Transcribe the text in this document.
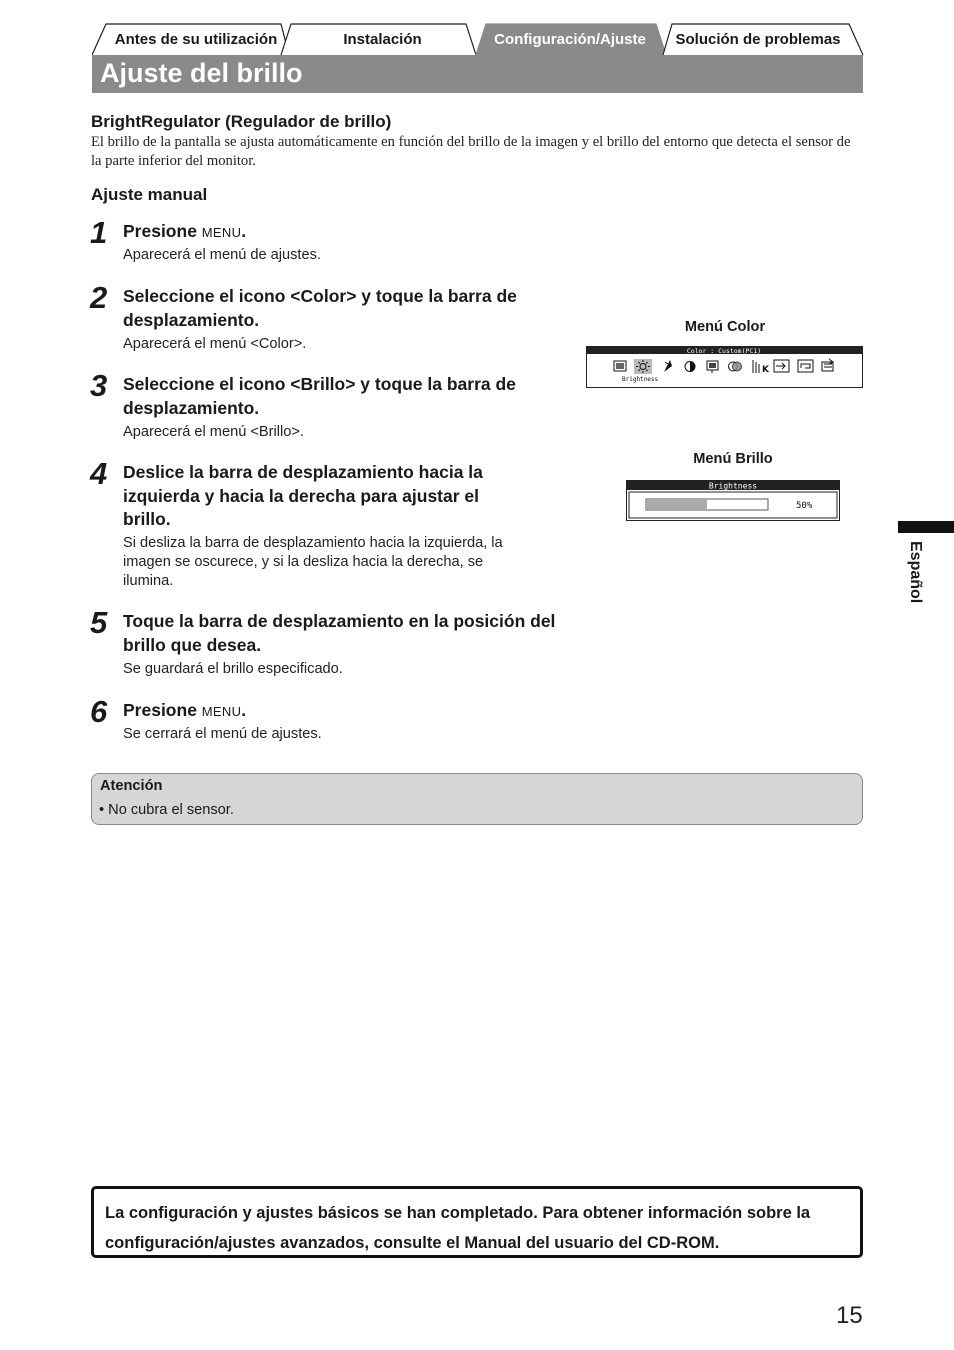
Antes de su utilización	Instalación	Configuración/Ajuste	Solución de problemas
Ajuste del brillo
BrightRegulator (Regulador de brillo)
El brillo de la pantalla se ajusta automáticamente en función del brillo de la imagen y el brillo del entorno que detecta el sensor de la parte inferior del monitor.
Ajuste manual
1 Presione MENU.
Aparecerá el menú de ajustes.
2 Seleccione el icono <Color> y toque la barra de desplazamiento.
Aparecerá el menú <Color>.
3 Seleccione el icono <Brillo> y toque la barra de desplazamiento.
Aparecerá el menú <Brillo>.
4 Deslice la barra de desplazamiento hacia la izquierda y hacia la derecha para ajustar el brillo.
Si desliza la barra de desplazamiento hacia la izquierda, la imagen se oscurece, y si la desliza hacia la derecha, se ilumina.
5 Toque la barra de desplazamiento en la posición del brillo que desea.
Se guardará el brillo especificado.
6 Presione MENU.
Se cerrará el menú de ajustes.
Menú Color
Color : Custom(PC1)
K
Brightness
Menú Brillo
Brightness
50%
Atención
• No cubra el sensor.

La configuración y ajustes básicos se han completado. Para obtener información sobre la configuración/ajustes avanzados, consulte el Manual del usuario del CD-ROM.

Español
15
